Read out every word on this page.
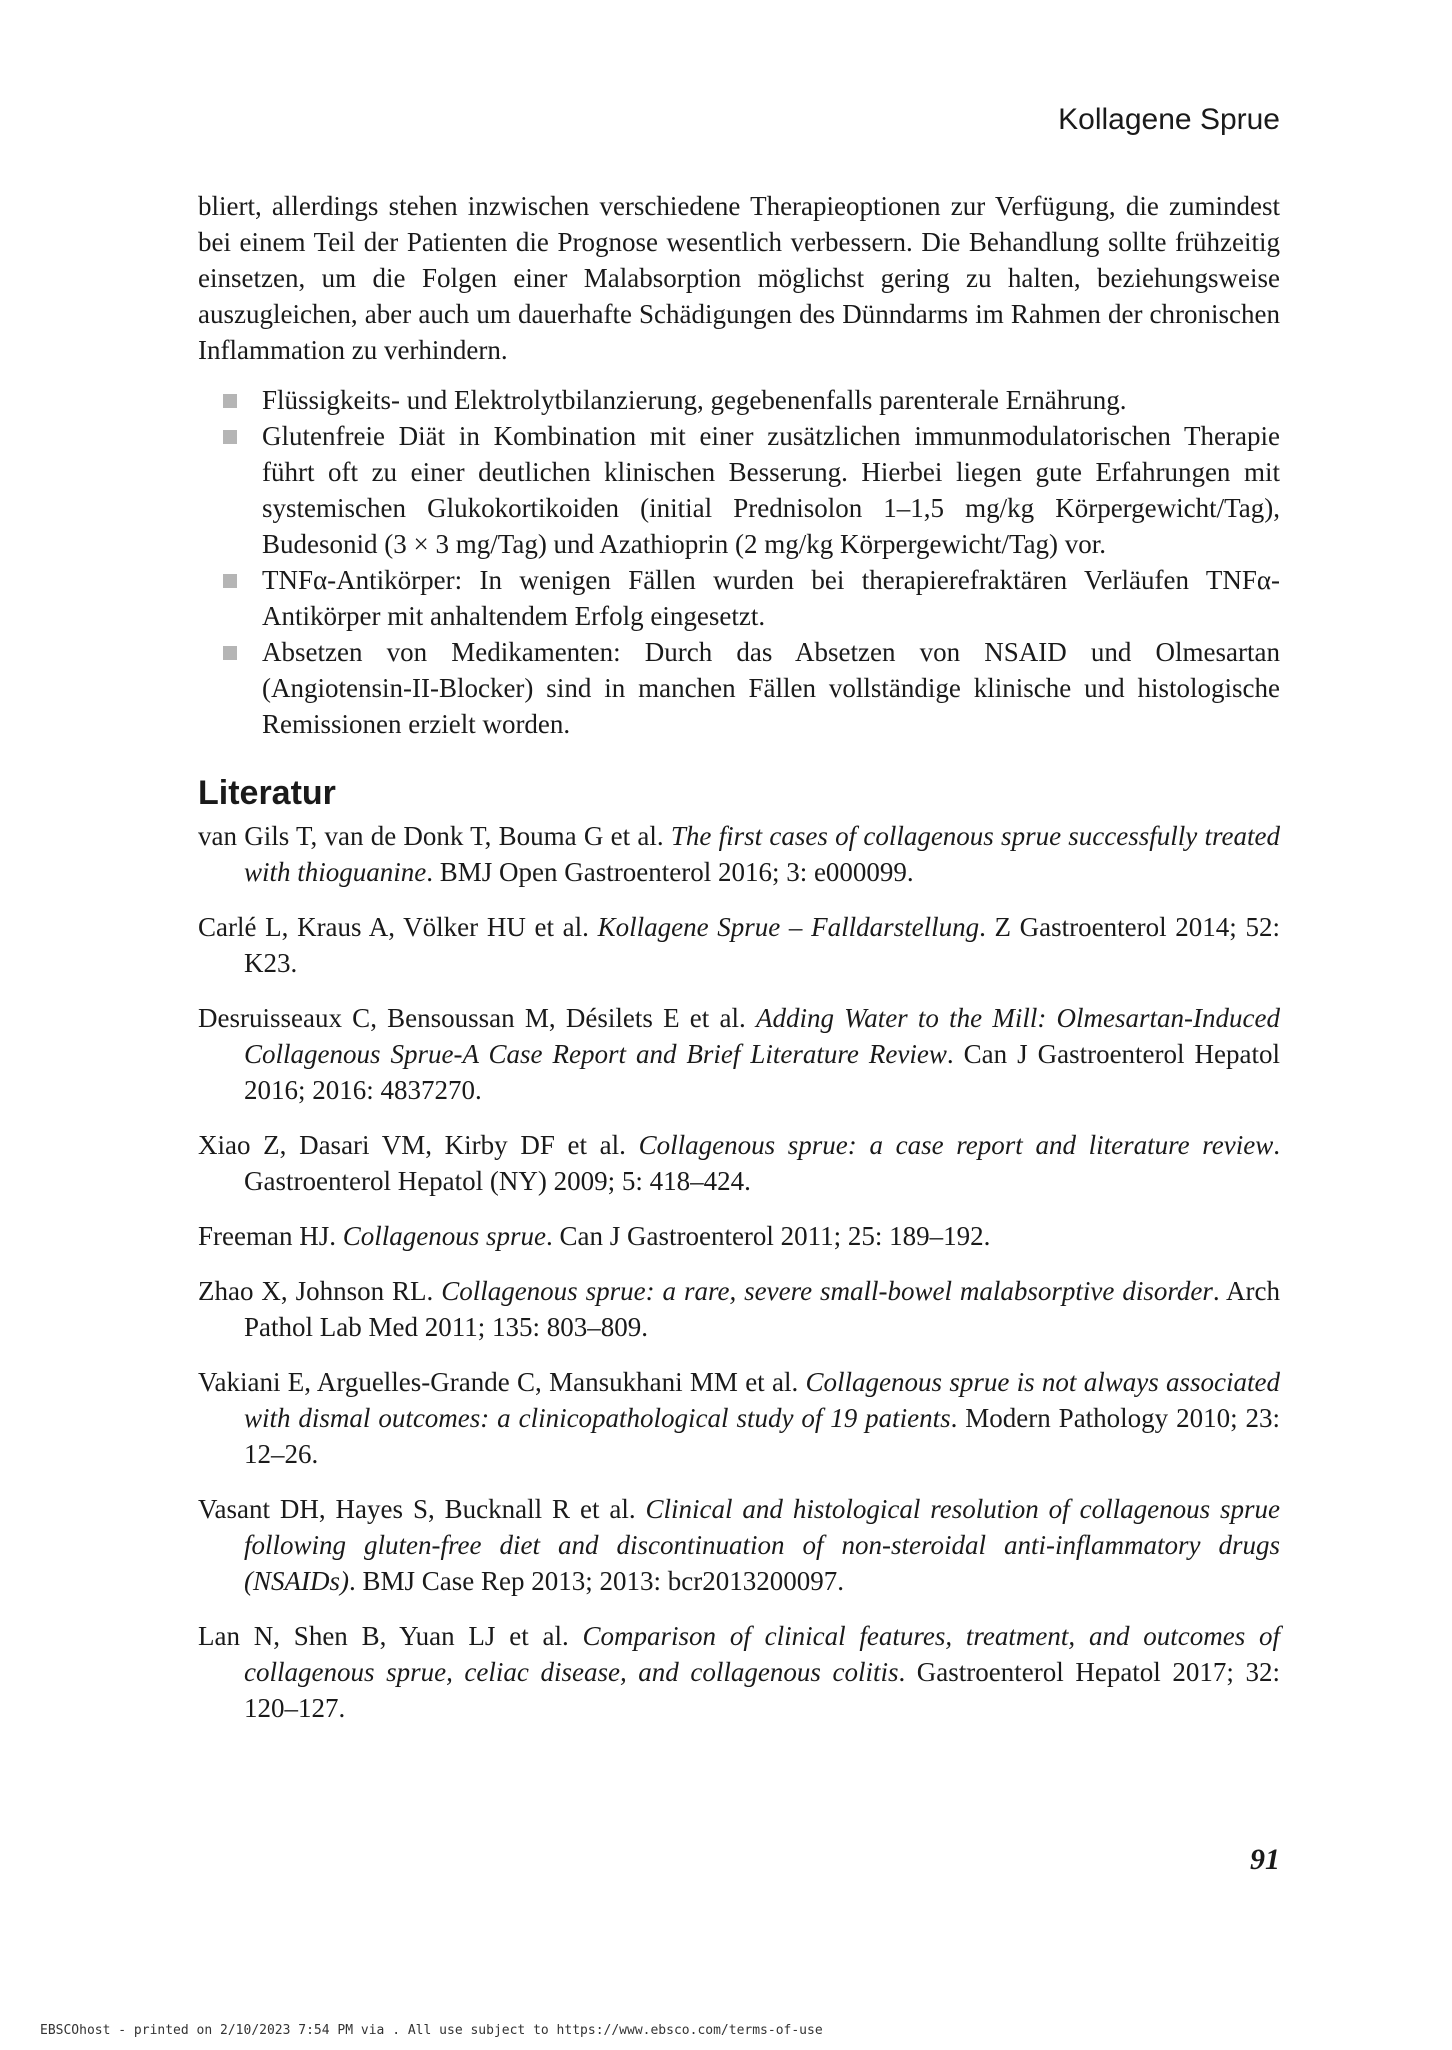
Kollagene Sprue

bliert, allerdings stehen inzwischen verschiedene Therapieoptionen zur Verfügung, die zumindest bei einem Teil der Patienten die Prognose wesentlich verbessern. Die Behandlung sollte frühzeitig einsetzen, um die Folgen einer Malabsorption möglichst gering zu halten, beziehungsweise auszugleichen, aber auch um dauerhafte Schädigungen des Dünndarms im Rahmen der chronischen Inflammation zu verhindern.

Flüssigkeits- und Elektrolytbilanzierung, gegebenenfalls parenterale Ernährung.
Glutenfreie Diät in Kombination mit einer zusätzlichen immunmodulatorischen Therapie führt oft zu einer deutlichen klinischen Besserung. Hierbei liegen gute Erfahrungen mit systemischen Glukokortikoiden (initial Prednisolon 1–1,5 mg/kg Körpergewicht/Tag), Budesonid (3 × 3 mg/Tag) und Azathioprin (2 mg/kg Körpergewicht/Tag) vor.
TNFα-Antikörper: In wenigen Fällen wurden bei therapierefraktären Verläufen TNFα-Antikörper mit anhaltendem Erfolg eingesetzt.
Absetzen von Medikamenten: Durch das Absetzen von NSAID und Olmesartan (Angiotensin-II-Blocker) sind in manchen Fällen vollständige klinische und histologische Remissionen erzielt worden.
Literatur

van Gils T, van de Donk T, Bouma G et al. The first cases of collagenous sprue successfully treated with thioguanine. BMJ Open Gastroenterol 2016; 3: e000099.

Carlé L, Kraus A, Völker HU et al. Kollagene Sprue – Falldarstellung. Z Gastroenterol 2014; 52: K23.

Desruisseaux C, Bensoussan M, Désilets E et al. Adding Water to the Mill: Olmesartan-Induced Collagenous Sprue-A Case Report and Brief Literature Review. Can J Gastroenterol Hepatol 2016; 2016: 4837270.

Xiao Z, Dasari VM, Kirby DF et al. Collagenous sprue: a case report and literature review. Gastroenterol Hepatol (NY) 2009; 5: 418–424.

Freeman HJ. Collagenous sprue. Can J Gastroenterol 2011; 25: 189–192.

Zhao X, Johnson RL. Collagenous sprue: a rare, severe small-bowel malabsorptive disorder. Arch Pathol Lab Med 2011; 135: 803–809.

Vakiani E, Arguelles-Grande C, Mansukhani MM et al. Collagenous sprue is not always associated with dismal outcomes: a clinicopathological study of 19 patients. Modern Pathology 2010; 23: 12–26.

Vasant DH, Hayes S, Bucknall R et al. Clinical and histological resolution of collagenous sprue following gluten-free diet and discontinuation of non-steroidal anti-inflammatory drugs (NSAIDs). BMJ Case Rep 2013; 2013: bcr2013200097.

Lan N, Shen B, Yuan LJ et al. Comparison of clinical features, treatment, and outcomes of collagenous sprue, celiac disease, and collagenous colitis. Gastroenterol Hepatol 2017; 32: 120–127.

91
EBSCOhost - printed on 2/10/2023 7:54 PM via . All use subject to https://www.ebsco.com/terms-of-use
